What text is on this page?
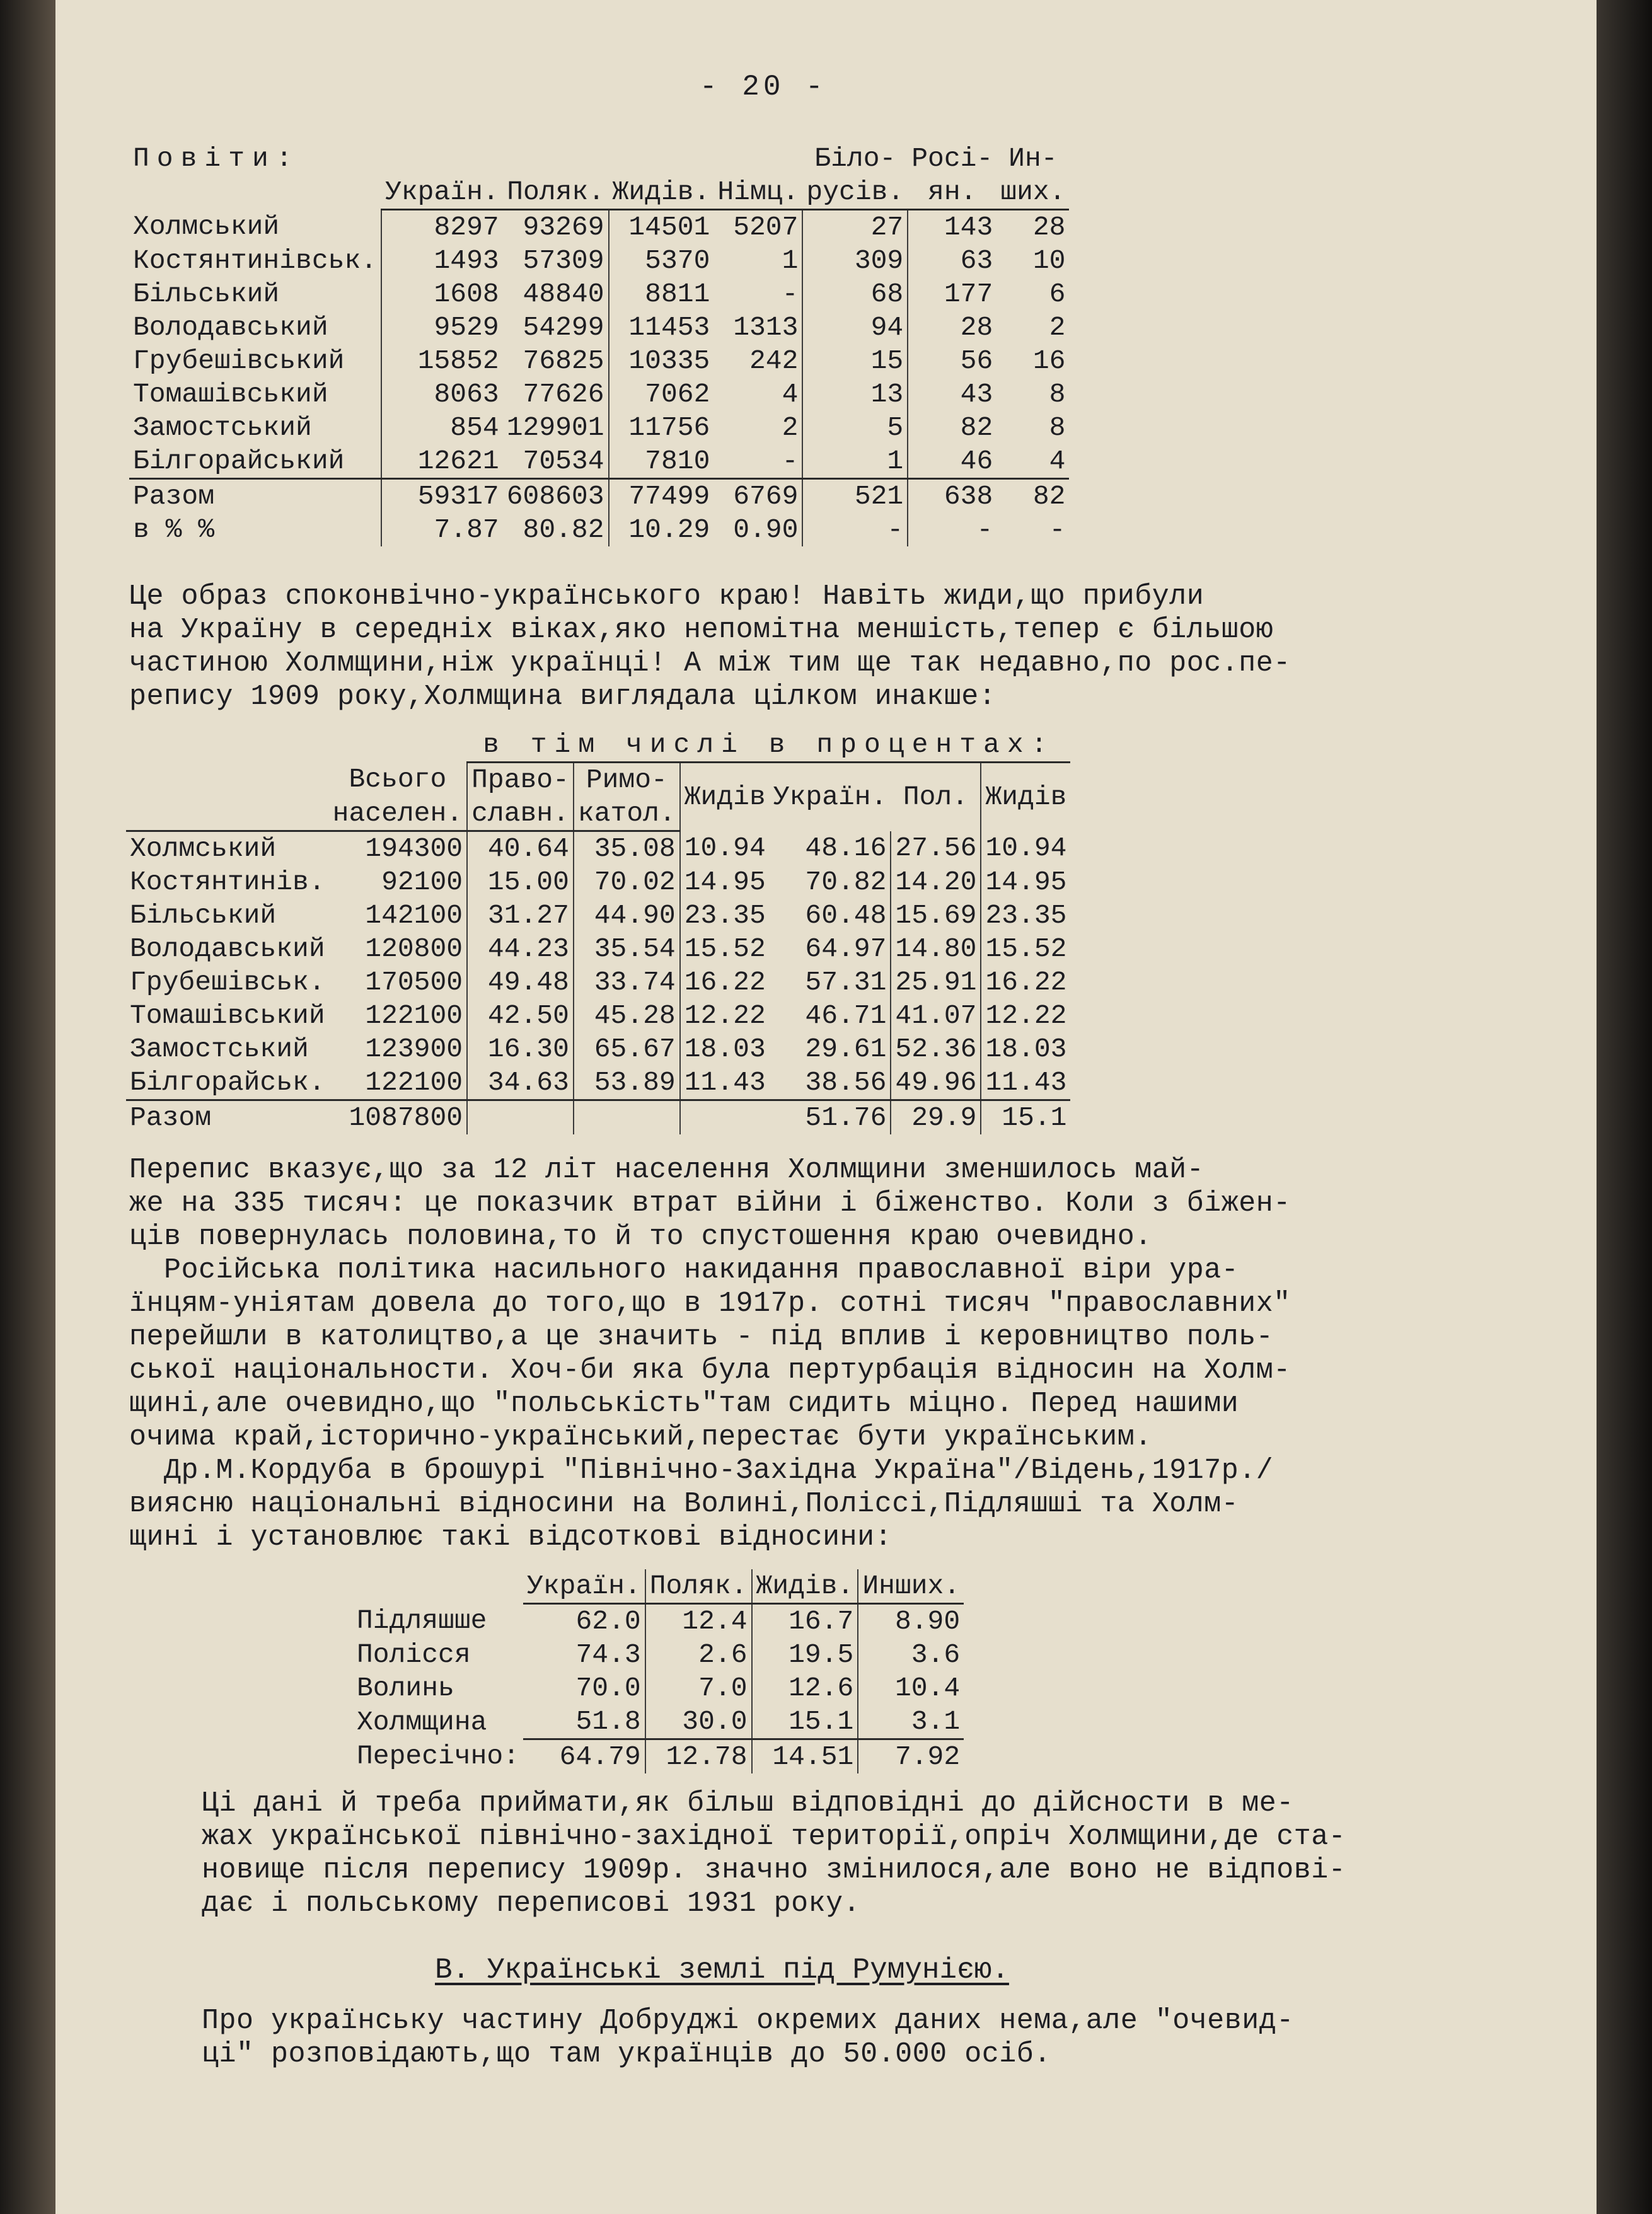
- 20 -
Повіти:					Біло-	Росі-	Ин-
	Україн.	Поляк.	Жидів.	Німц.	русів.	ян.	ших.
Холмський	8297	93269	14501	5207	27	143	28
Костянтинівськ.	1493	57309	5370	1	309	63	10
Більський	1608	48840	8811	-	68	177	6
Володавський	9529	54299	11453	1313	94	28	2
Грубешівський	15852	76825	10335	242	15	56	16
Томашівський	8063	77626	7062	4	13	43	8
Замостський	854	129901	11756	2	5	82	8
Білгорайський	12621	70534	7810	-	1	46	4
Разом	59317	608603	77499	6769	521	638	82
в % %	7.87	80.82	10.29	0.90	-	-	-
Це образ споконвічно-українського краю! Навіть жиди,що прибули
на Україну в середніх віках,яко непомітна меншість,тепер є більшою
частиною Холмщини,ніж українці! А між тим ще так недавно,по рос.пе-
репису 1909 року,Холмщина виглядала цілком инакше:
		в тім числі в процентах:					
	Всього	Право-	Римо-	Жидів	Україн.	Пол.	Жидів
	населен.	славн.	катол.				
Холмський	194300	40.64	35.08	10.94	48.16	27.56	10.94
Костянтинів.	92100	15.00	70.02	14.95	70.82	14.20	14.95
Більський	142100	31.27	44.90	23.35	60.48	15.69	23.35
Володавський	120800	44.23	35.54	15.52	64.97	14.80	15.52
Грубешівськ.	170500	49.48	33.74	16.22	57.31	25.91	16.22
Томашівський	122100	42.50	45.28	12.22	46.71	41.07	12.22
Замостський	123900	16.30	65.67	18.03	29.61	52.36	18.03
Білгорайськ.	122100	34.63	53.89	11.43	38.56	49.96	11.43
Разом	1087800				51.76	29.9	15.1
Перепис вказує,що за 12 літ населення Холмщини зменшилось май-
же на 335 тисяч: це показчик втрат війни і біженство. Коли з біжен-
ців повернулась половина,то й то спустошення краю очевидно.
Російська політика насильного накидання православної віри ура-
їнцям-уніятам довела до того,що в 1917р. сотні тисяч "православних"
перейшли в католицтво,а це значить - під вплив і керовництво поль-
ської національности. Хоч-би яка була пертурбація відносин на Холм-
щині,але очевидно,що "польськість"там сидить міцно. Перед нашими
очима край,історично-український,перестає бути українським.
Др.М.Кордуба в брошурі "Північно-Західна Україна"/Відень,1917р./
виясню національні відносини на Волині,Поліссі,Підляшші та Холм-
щині і установлює такі відсоткові відносини:
	Україн.	Поляк.	Жидів.	Инших.
Підляшше	62.0	12.4	16.7	8.90
Полісся	74.3	2.6	19.5	3.6
Волинь	70.0	7.0	12.6	10.4
Холмщина	51.8	30.0	15.1	3.1
Пересічно:	64.79	12.78	14.51	7.92
Ці дані й треба приймати,як більш відповідні до дійсности в ме-
жах української північно-західної території,опріч Холмщини,де ста-
новище після перепису 1909р. значно змінилося,але воно не відпові-
дає і польському переписові 1931 року.
В. Українські землі під Румунією.
Про українську частину Добруджі окремих даних нема,але "очевид-
ці" розповідають,що там українців до 50.000 осіб.
